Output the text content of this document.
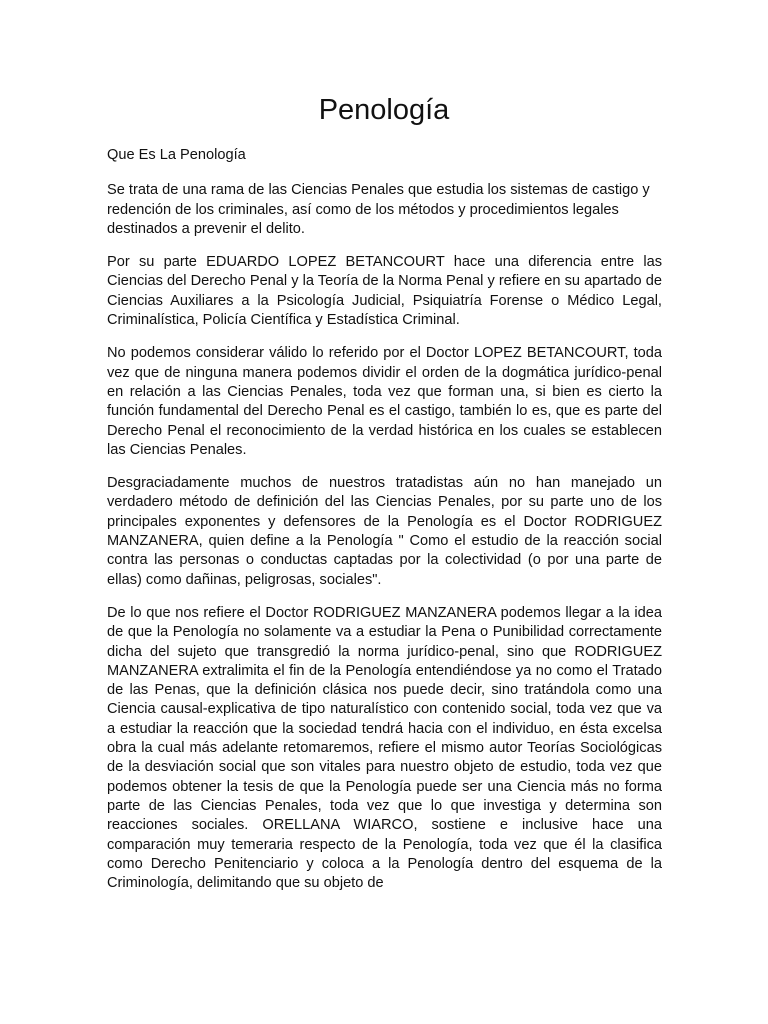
Penología

Que Es La Penología

Se trata de una rama de las Ciencias Penales que estudia los sistemas de castigo y redención de los criminales, así como de los métodos y procedimientos legales destinados a prevenir el delito.

Por su parte EDUARDO LOPEZ BETANCOURT hace una diferencia entre las Ciencias del Derecho Penal y la Teoría de la Norma Penal y refiere en su apartado de Ciencias Auxiliares a la Psicología Judicial, Psiquiatría Forense o Médico Legal, Criminalística, Policía Científica y Estadística Criminal.

No podemos considerar válido lo referido por el Doctor LOPEZ BETANCOURT, toda vez que de ninguna manera podemos dividir el orden de la dogmática jurídico-penal en relación a las Ciencias Penales, toda vez que forman una, si bien es cierto la función fundamental del Derecho Penal es el castigo, también lo es, que es parte del Derecho Penal el reconocimiento de la verdad histórica en los cuales se establecen las Ciencias Penales.

Desgraciadamente muchos de nuestros tratadistas aún no han manejado un verdadero método de definición del las Ciencias Penales, por su parte uno de los principales exponentes y defensores de la Penología es el Doctor RODRIGUEZ MANZANERA, quien define a la Penología " Como el estudio de la reacción social contra las personas o conductas captadas por la colectividad (o por una parte de ellas) como dañinas, peligrosas, sociales".

De lo que nos refiere el Doctor RODRIGUEZ MANZANERA podemos llegar a la idea de que la Penología no solamente va a estudiar la Pena o Punibilidad correctamente dicha del sujeto que transgredió la norma jurídico-penal, sino que RODRIGUEZ MANZANERA extralimita el fin de la Penología entendiéndose ya no como el Tratado de las Penas, que la definición clásica nos puede decir, sino tratándola como una Ciencia causal-explicativa de tipo naturalístico con contenido social, toda vez que va a estudiar la reacción que la sociedad tendrá hacia con el individuo, en ésta excelsa obra la cual más adelante retomaremos, refiere el mismo autor Teorías Sociológicas de la desviación social que son vitales para nuestro objeto de estudio, toda vez que podemos obtener la tesis de que la Penología puede ser una Ciencia más no forma parte de las Ciencias Penales, toda vez que lo que investiga y determina son reacciones sociales. ORELLANA WIARCO, sostiene e inclusive hace una comparación muy temeraria respecto de la Penología, toda vez que él la clasifica como Derecho Penitenciario y coloca a la Penología dentro del esquema de la Criminología, delimitando que su objeto de
